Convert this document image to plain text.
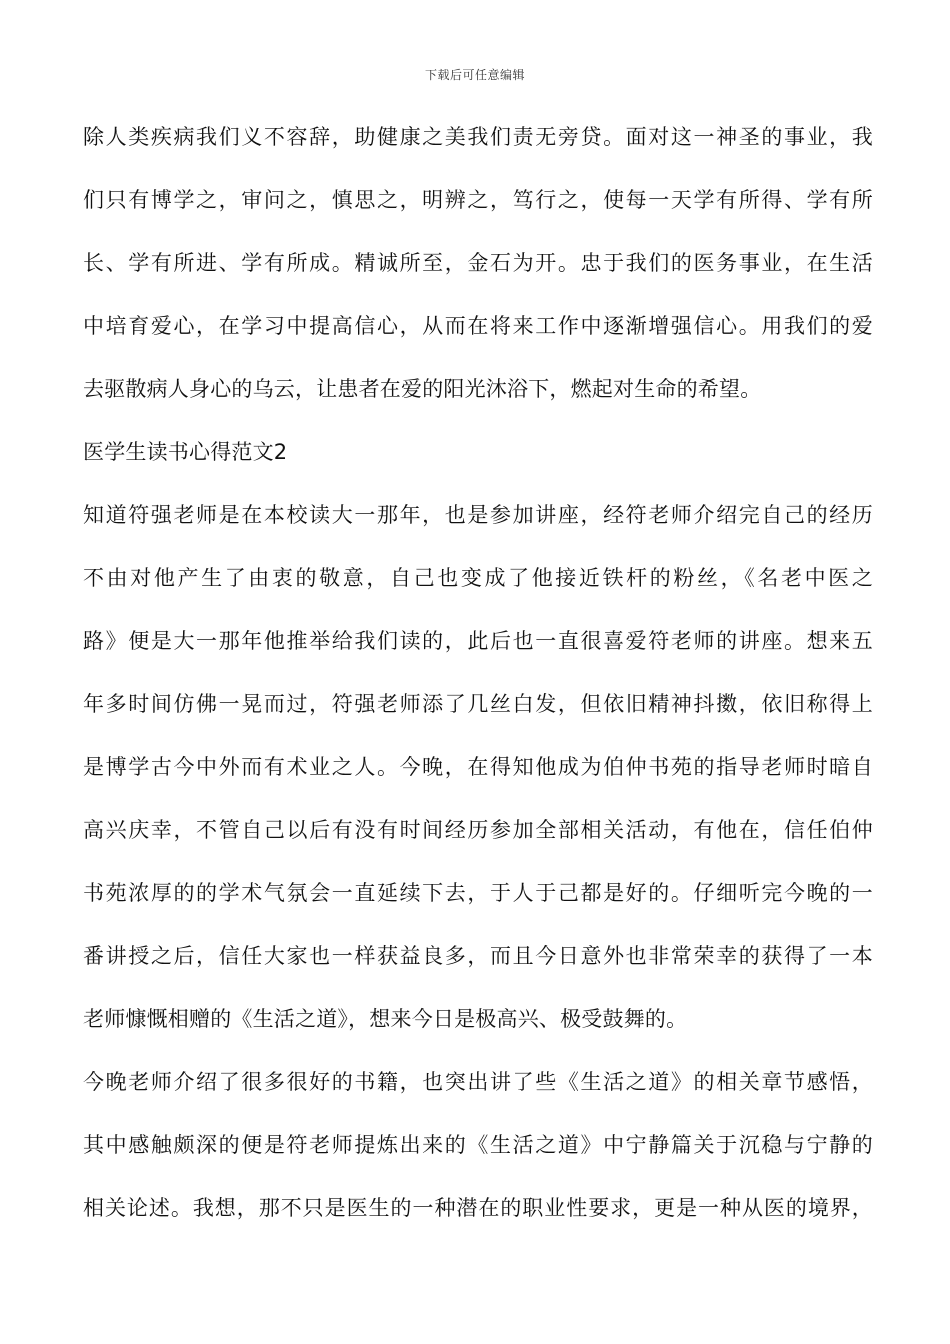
下载后可任意编辑
除人类疾病我们义不容辞，助健康之美我们责无旁贷。面对这一神圣的事业，我
们只有博学之，审问之，慎思之，明辨之，笃行之，使每一天学有所得、学有所
长、学有所进、学有所成。精诚所至，金石为开。忠于我们的医务事业，在生活
中培育爱心，在学习中提高信心，从而在将来工作中逐渐增强信心。用我们的爱
去驱散病人身心的乌云，让患者在爱的阳光沐浴下，燃起对生命的希望。
医学生读书心得范文2
知道符强老师是在本校读大一那年，也是参加讲座，经符老师介绍完自己的经历
不由对他产生了由衷的敬意，自己也变成了他接近铁杆的粉丝，《名老中医之
路》便是大一那年他推举给我们读的，此后也一直很喜爱符老师的讲座。想来五
年多时间仿佛一晃而过，符强老师添了几丝白发，但依旧精神抖擞，依旧称得上
是博学古今中外而有术业之人。今晚，在得知他成为伯仲书苑的指导老师时暗自
高兴庆幸，不管自己以后有没有时间经历参加全部相关活动，有他在，信任伯仲
书苑浓厚的的学术气氛会一直延续下去，于人于己都是好的。仔细听完今晚的一
番讲授之后，信任大家也一样获益良多，而且今日意外也非常荣幸的获得了一本
老师慷慨相赠的《生活之道》，想来今日是极高兴、极受鼓舞的。
今晚老师介绍了很多很好的书籍，也突出讲了些《生活之道》的相关章节感悟，
其中感触颇深的便是符老师提炼出来的《生活之道》中宁静篇关于沉稳与宁静的
相关论述。我想，那不只是医生的一种潜在的职业性要求，更是一种从医的境界，
